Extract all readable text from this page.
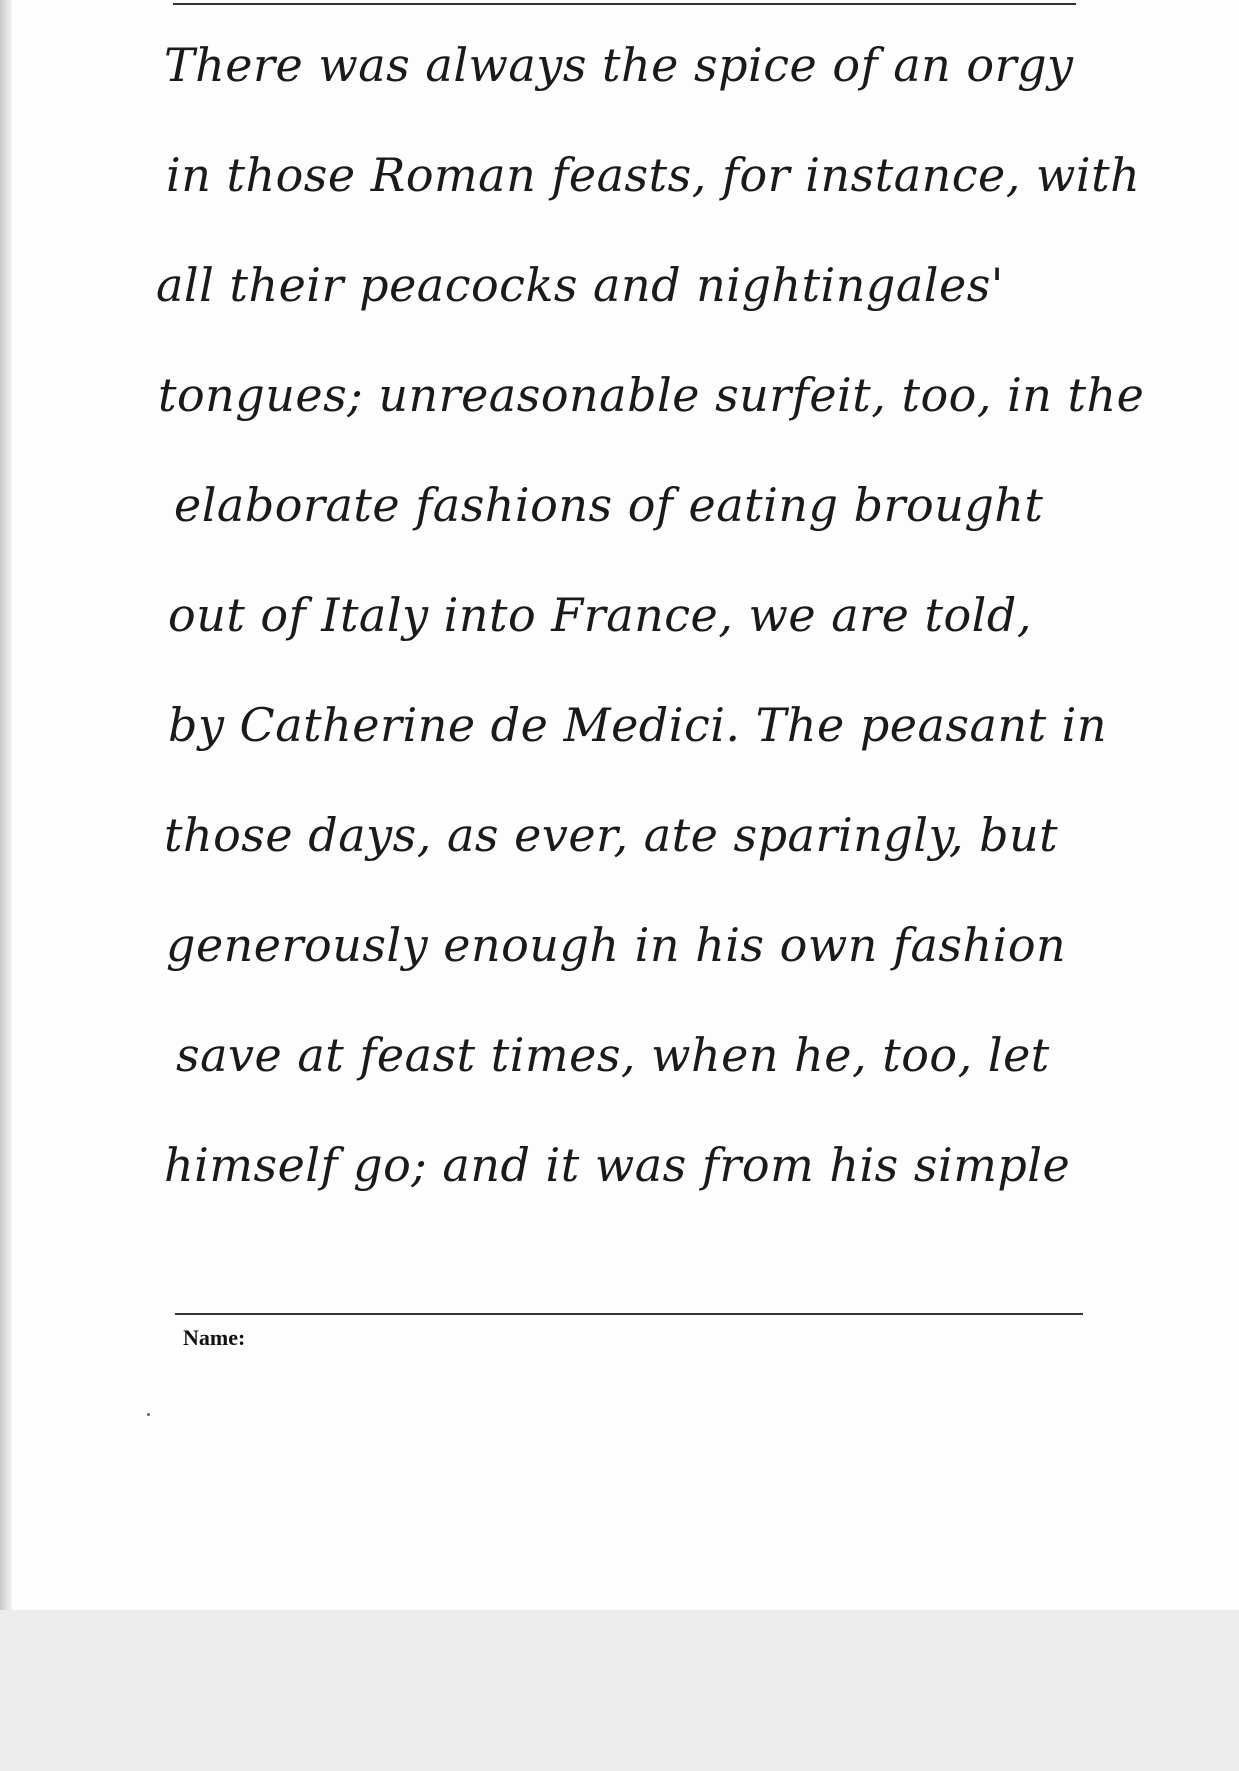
There was always the spice of an orgy
in those Roman feasts, for instance, with
all their peacocks and nightingales'
tongues; unreasonable surfeit, too, in the
elaborate fashions of eating brought
out of Italy into France, we are told,
by Catherine de Medici. The peasant in
those days, as ever, ate sparingly, but
generously enough in his own fashion
save at feast times, when he, too, let
himself go; and it was from his simple
Name:
